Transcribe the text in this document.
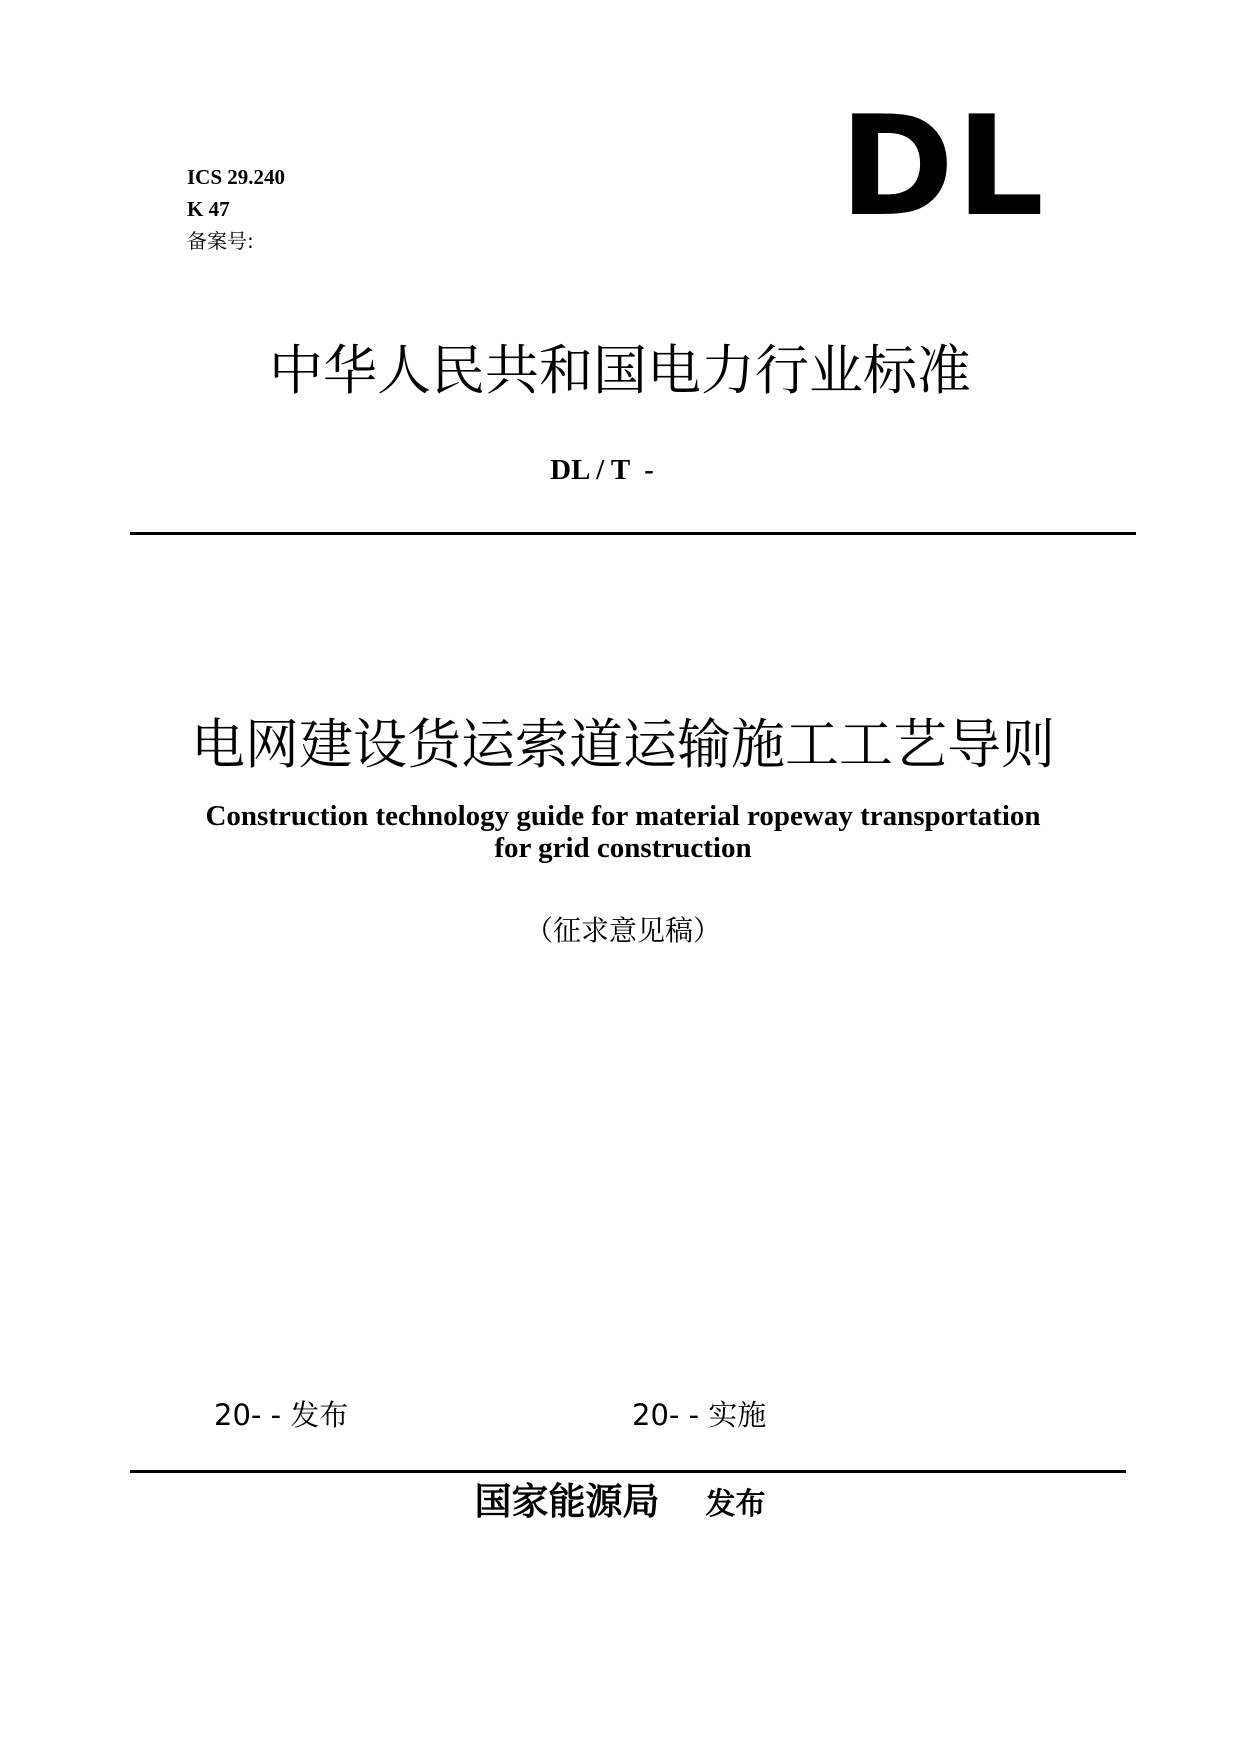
ICS 29.240
K 47
备案号:	DL
中华人民共和国电力行业标准
DL / T  -
电网建设货运索道运输施工工艺导则
Construction technology guide for material ropeway transportation
for grid construction
（征求意见稿）
20- - 发布	20- - 实施
国家能源局 发布
